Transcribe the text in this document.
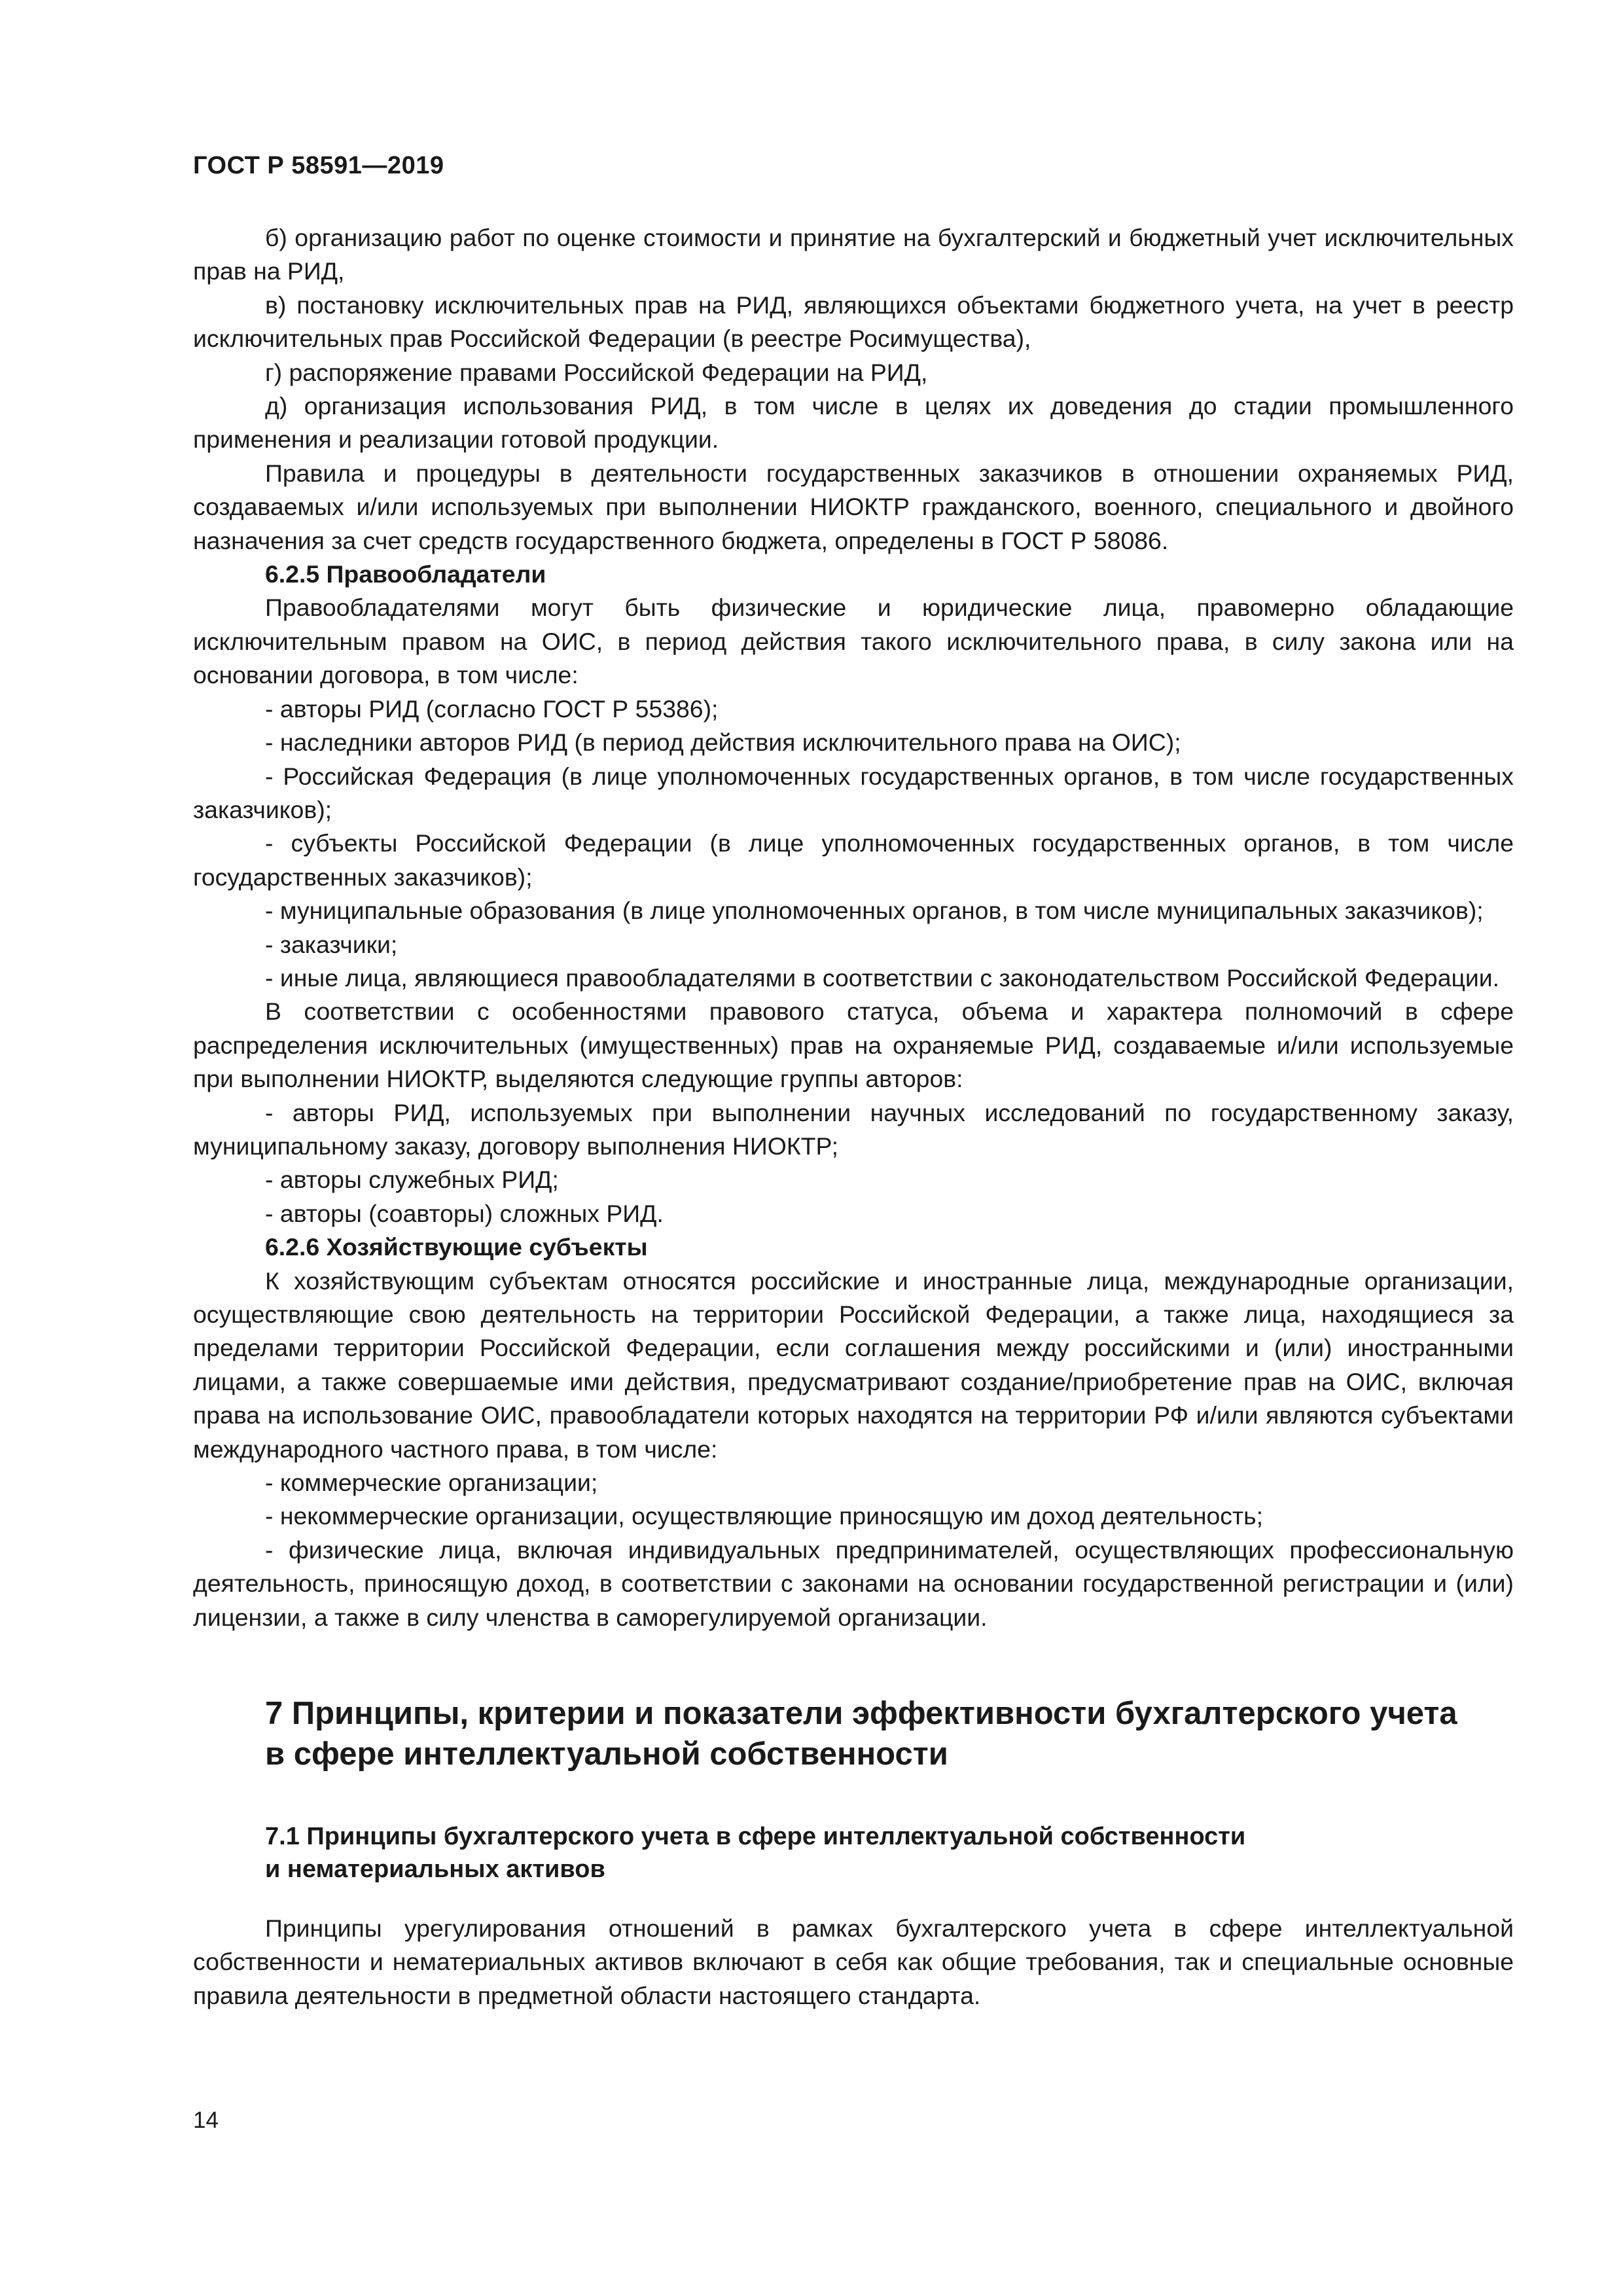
ГОСТ Р 58591—2019

б) организацию работ по оценке стоимости и принятие на бухгалтерский и бюджетный учет исключительных прав на РИД,

в) постановку исключительных прав на РИД, являющихся объектами бюджетного учета, на учет в реестр исключительных прав Российской Федерации (в реестре Росимущества),

г) распоряжение правами Российской Федерации на РИД,

д) организация использования РИД, в том числе в целях их доведения до стадии промышленного применения и реализации готовой продукции.

Правила и процедуры в деятельности государственных заказчиков в отношении охраняемых РИД, создаваемых и/или используемых при выполнении НИОКТР гражданского, военного, специального и двойного назначения за счет средств государственного бюджета, определены в ГОСТ Р 58086.

6.2.5 Правообладатели

Правообладателями могут быть физические и юридические лица, правомерно обладающие исключительным правом на ОИС, в период действия такого исключительного права, в силу закона или на основании договора, в том числе:

- авторы РИД (согласно ГОСТ Р 55386);

- наследники авторов РИД (в период действия исключительного права на ОИС);

- Российская Федерация (в лице уполномоченных государственных органов, в том числе государственных заказчиков);

- субъекты Российской Федерации (в лице уполномоченных государственных органов, в том числе государственных заказчиков);

- муниципальные образования (в лице уполномоченных органов, в том числе муниципальных заказчиков);

- заказчики;

- иные лица, являющиеся правообладателями в соответствии с законодательством Российской Федерации.

В соответствии с особенностями правового статуса, объема и характера полномочий в сфере распределения исключительных (имущественных) прав на охраняемые РИД, создаваемые и/или используемые при выполнении НИОКТР, выделяются следующие группы авторов:

- авторы РИД, используемых при выполнении научных исследований по государственному заказу, муниципальному заказу, договору выполнения НИОКТР;

- авторы служебных РИД;

- авторы (соавторы) сложных РИД.

6.2.6 Хозяйствующие субъекты

К хозяйствующим субъектам относятся российские и иностранные лица, международные организации, осуществляющие свою деятельность на территории Российской Федерации, а также лица, находящиеся за пределами территории Российской Федерации, если соглашения между российскими и (или) иностранными лицами, а также совершаемые ими действия, предусматривают создание/приобретение прав на ОИС, включая права на использование ОИС, правообладатели которых находятся на территории РФ и/или являются субъектами международного частного права, в том числе:

- коммерческие организации;

- некоммерческие организации, осуществляющие приносящую им доход деятельность;

- физические лица, включая индивидуальных предпринимателей, осуществляющих профессиональную деятельность, приносящую доход, в соответствии с законами на основании государственной регистрации и (или) лицензии, а также в силу членства в саморегулируемой организации.

7 Принципы, критерии и показатели эффективности бухгалтерского учета
в сфере интеллектуальной собственности
7.1 Принципы бухгалтерского учета в сфере интеллектуальной собственности
и нематериальных активов

Принципы урегулирования отношений в рамках бухгалтерского учета в сфере интеллектуальной собственности и нематериальных активов включают в себя как общие требования, так и специальные основные правила деятельности в предметной области настоящего стандарта.

14
